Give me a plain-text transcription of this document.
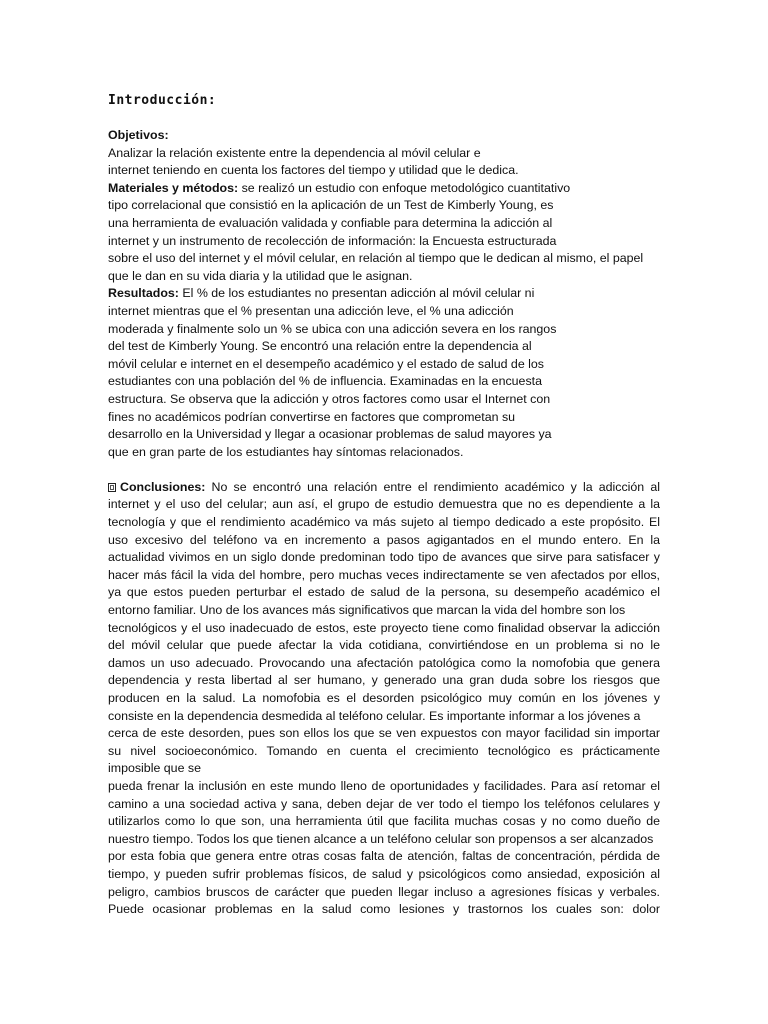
Introducción:
Objetivos:
Analizar la relación existente entre la dependencia al móvil celular e
internet teniendo en cuenta los factores del tiempo y utilidad que le dedica.
Materiales y métodos: se realizó un estudio con enfoque metodológico cuantitativo
tipo correlacional que consistió en la aplicación de un Test de Kimberly Young, es
una herramienta de evaluación validada y confiable para determina la adicción al
internet y un instrumento de recolección de información: la Encuesta estructurada
sobre el uso del internet y el móvil celular, en relación al tiempo que le dedican al mismo, el papel
que le dan en su vida diaria y la utilidad que le asignan.
Resultados: El % de los estudiantes no presentan adicción al móvil celular ni
internet mientras que el % presentan una adicción leve, el % una adicción
moderada y finalmente solo un % se ubica con una adicción severa en los rangos
del test de Kimberly Young. Se encontró una relación entre la dependencia al
móvil celular e internet en el desempeño académico y el estado de salud de los
estudiantes con una población del % de influencia. Examinadas en la encuesta
estructura. Se observa que la adicción y otros factores como usar el Internet con
fines no académicos podrían convertirse en factores que comprometan su
desarrollo en la Universidad y llegar a ocasionar problemas de salud mayores ya
que en gran parte de los estudiantes hay síntomas relacionados.
Conclusiones: No se encontró una relación entre el rendimiento académico y la adicción al
internet y el uso del celular; aun así, el grupo de estudio demuestra que no es dependiente a la
tecnología y que el rendimiento académico va más sujeto al tiempo dedicado a este propósito. El
uso excesivo del teléfono va en incremento a pasos agigantados en el mundo entero. En la
actualidad vivimos en un siglo donde predominan todo tipo de avances que sirve para satisfacer y
hacer más fácil la vida del hombre, pero muchas veces indirectamente se ven afectados por ellos,
ya que estos pueden perturbar el estado de salud de la persona, su desempeño académico el
entorno familiar. Uno de los avances más significativos que marcan la vida del hombre son los
tecnológicos y el uso inadecuado de estos, este proyecto tiene como finalidad observar la adicción
del móvil celular que puede afectar la vida cotidiana, convirtiéndose en un problema si no le
damos un uso adecuado. Provocando una afectación patológica como la nomofobia que genera
dependencia y resta libertad al ser humano, y generado una gran duda sobre los riesgos que
producen en la salud. La nomofobia es el desorden psicológico muy común en los jóvenes y
consiste en la dependencia desmedida al teléfono celular. Es importante informar a los jóvenes a
cerca de este desorden, pues son ellos los que se ven expuestos con mayor facilidad sin importar
su nivel socioeconómico. Tomando en cuenta el crecimiento tecnológico es prácticamente
imposible que se
pueda frenar la inclusión en este mundo lleno de oportunidades y facilidades. Para así retomar el
camino a una sociedad activa y sana, deben dejar de ver todo el tiempo los teléfonos celulares y
utilizarlos como lo que son, una herramienta útil que facilita muchas cosas y no como dueño de
nuestro tiempo. Todos los que tienen alcance a un teléfono celular son propensos a ser alcanzados
por esta fobia que genera entre otras cosas falta de atención, faltas de concentración, pérdida de
tiempo, y pueden sufrir problemas físicos, de salud y psicológicos como ansiedad, exposición al
peligro, cambios bruscos de carácter que pueden llegar incluso a agresiones físicas y verbales.
Puede ocasionar problemas en la salud como lesiones y trastornos los cuales son: dolor
